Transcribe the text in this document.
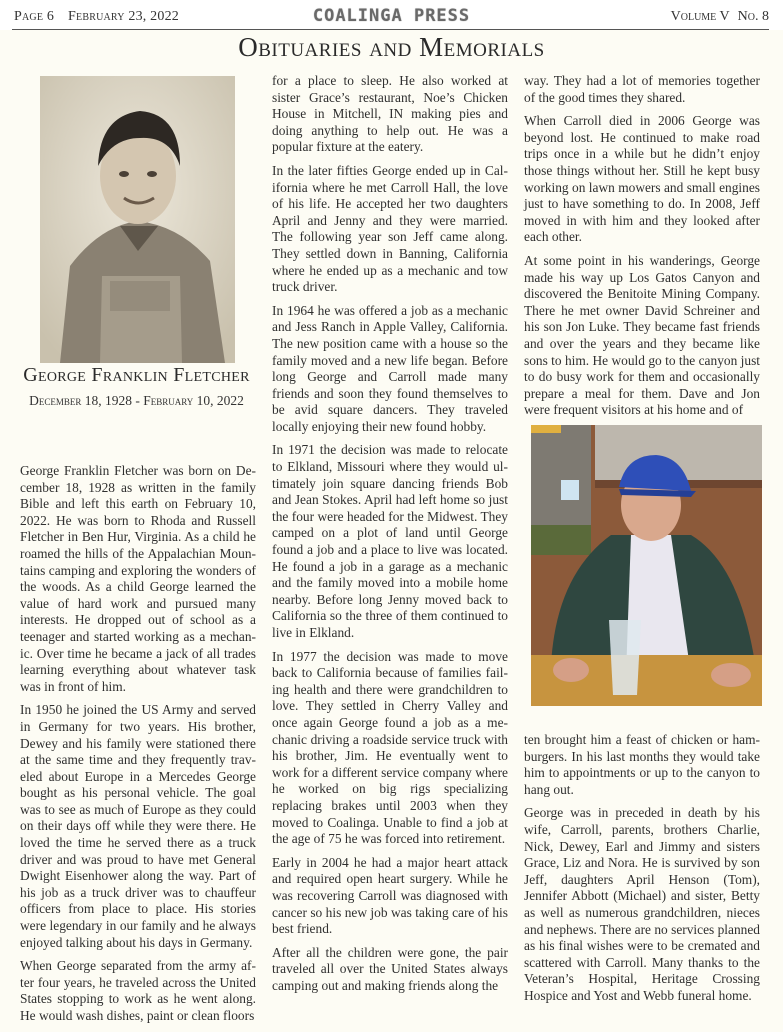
Page 6 February 23, 2022	COALINGA PRESS	Volume V No. 8
Obituaries and Memorials
George Franklin Fletcher
December 18, 1928 - February 10, 2022

George Franklin Fletcher was born on December 18, 1928 as written in the family Bible and left this earth on February 10, 2022. He was born to Rhoda and Russell Fletcher in Ben Hur, Virginia. As a child he roamed the hills of the Appalachian Mountains camping and exploring the wonders of the woods. As a child George learned the value of hard work and pursued many interests. He dropped out of school as a teenager and started working as a mechanic. Over time he became a jack of all trades learning everything about whatever task was in front of him.

In 1950 he joined the US Army and served in Germany for two years. His brother, Dewey and his family were stationed there at the same time and they frequently traveled about Europe in a Mercedes George bought as his personal vehicle. The goal was to see as much of Europe as they could on their days off while they were there. He loved the time he served there as a truck driver and was proud to have met General Dwight Eisenhower along the way. Part of his job as a truck driver was to chauffeur officers from place to place. His stories were legendary in our family and he always enjoyed talking about his days in Germany.

When George separated from the army after four years, he traveled across the United States stopping to work as he went along. He would wash dishes, paint or clean floors

for a place to sleep. He also worked at sister Grace’s restaurant, Noe’s Chicken House in Mitchell, IN making pies and doing anything to help out. He was a popular fixture at the eatery.

In the later fifties George ended up in California where he met Carroll Hall, the love of his life. He accepted her two daughters April and Jenny and they were married. The following year son Jeff came along. They settled down in Banning, California where he ended up as a mechanic and tow truck driver.

In 1964 he was offered a job as a mechanic and Jess Ranch in Apple Valley, California. The new position came with a house so the family moved and a new life began. Before long George and Carroll made many friends and soon they found themselves to be avid square dancers. They traveled locally enjoying their new found hobby.

In 1971 the decision was made to relocate to Elkland, Missouri where they would ultimately join square dancing friends Bob and Jean Stokes. April had left home so just the four were headed for the Midwest. They camped on a plot of land until George found a job and a place to live was located. He found a job in a garage as a mechanic and the family moved into a mobile home nearby. Before long Jenny moved back to California so the three of them continued to live in Elkland.

In 1977 the decision was made to move back to California because of families failing health and there were grandchildren to love. They settled in Cherry Valley and once again George found a job as a mechanic driving a roadside service truck with his brother, Jim. He eventually went to work for a different service company where he worked on big rigs specializing replacing brakes until 2003 when they moved to Coalinga. Unable to find a job at the age of 75 he was forced into retirement.

Early in 2004 he had a major heart attack and required open heart surgery. While he was recovering Carroll was diagnosed with cancer so his new job was taking care of his best friend.

After all the children were gone, the pair traveled all over the United States always camping out and making friends along the

way. They had a lot of memories together of the good times they shared.

When Carroll died in 2006 George was beyond lost. He continued to make road trips once in a while but he didn’t enjoy those things without her. Still he kept busy working on lawn mowers and small engines just to have something to do. In 2008, Jeff moved in with him and they looked after each other.

At some point in his wanderings, George made his way up Los Gatos Canyon and discovered the Benitoite Mining Company. There he met owner David Schreiner and his son Jon Luke. They became fast friends and over the years and they became like sons to him. He would go to the canyon just to do busy work for them and occasionally prepare a meal for them. Dave and Jon were frequent visitors at his home and of

ten brought him a feast of chicken or hamburgers. In his last months they would take him to appointments or up to the canyon to hang out.

George was in preceded in death by his wife, Carroll, parents, brothers Charlie, Nick, Dewey, Earl and Jimmy and sisters Grace, Liz and Nora. He is survived by son Jeff, daughters April Henson (Tom), Jennifer Abbott (Michael) and sister, Betty as well as numerous grandchildren, nieces and nephews. There are no services planned as his final wishes were to be cremated and scattered with Carroll. Many thanks to the Veteran’s Hospital, Heritage Crossing Hospice and Yost and Webb funeral home.
